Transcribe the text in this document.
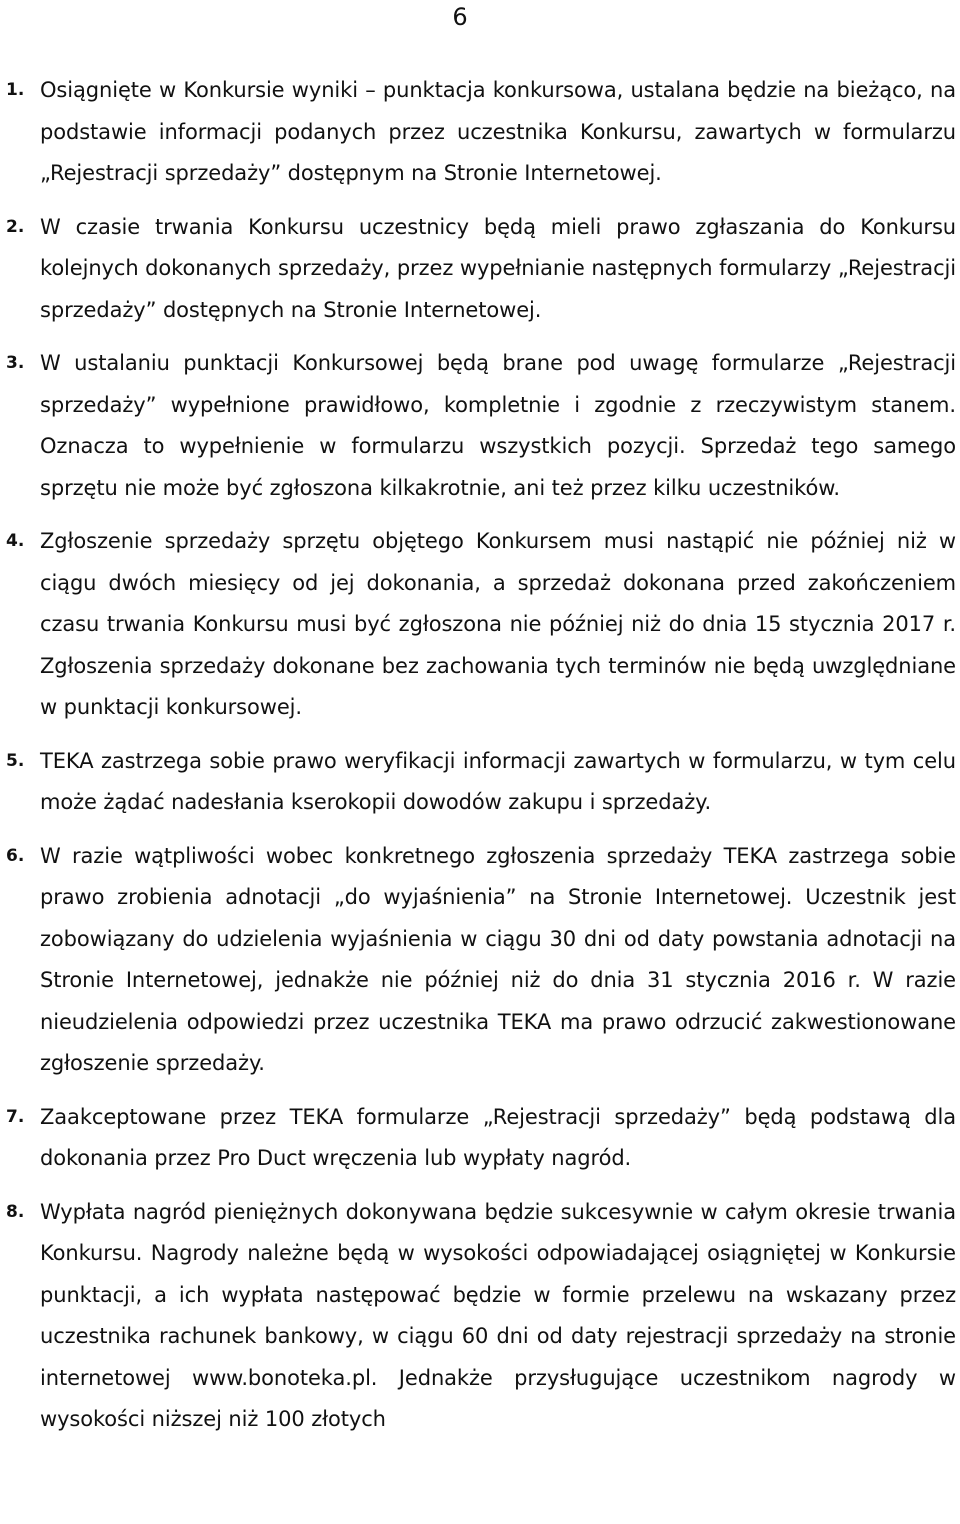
6
1. Osiągnięte w Konkursie wyniki – punktacja konkursowa, ustalana będzie na bieżąco, na podstawie informacji podanych przez uczestnika Konkursu, zawartych w formularzu „Rejestracji sprzedaży” dostępnym na Stronie Internetowej.
2. W czasie trwania Konkursu uczestnicy będą mieli prawo zgłaszania do Konkursu kolejnych dokonanych sprzedaży, przez wypełnianie następnych formularzy „Rejestracji sprzedaży” dostępnych na Stronie Internetowej.
3. W ustalaniu punktacji Konkursowej będą brane pod uwagę formularze „Rejestracji sprzedaży” wypełnione prawidłowo, kompletnie i zgodnie z rzeczywistym stanem. Oznacza to wypełnienie w formularzu wszystkich pozycji. Sprzedaż tego samego sprzętu nie może być zgłoszona kilkakrotnie, ani też przez kilku uczestników.
4. Zgłoszenie sprzedaży sprzętu objętego Konkursem musi nastąpić nie później niż w ciągu dwóch miesięcy od jej dokonania, a sprzedaż dokonana przed zakończeniem czasu trwania Konkursu musi być zgłoszona nie później niż do dnia 15 stycznia 2017 r. Zgłoszenia sprzedaży dokonane bez zachowania tych terminów nie będą uwzględniane w punktacji konkursowej.
5. TEKA zastrzega sobie prawo weryfikacji informacji zawartych w formularzu, w tym celu może żądać nadesłania kserokopii dowodów zakupu i sprzedaży.
6. W razie wątpliwości wobec konkretnego zgłoszenia sprzedaży TEKA zastrzega sobie prawo zrobienia adnotacji „do wyjaśnienia” na Stronie Internetowej. Uczestnik jest zobowiązany do udzielenia wyjaśnienia w ciągu 30 dni od daty powstania adnotacji na Stronie Internetowej, jednakże nie później niż do dnia 31 stycznia 2016 r. W razie nieudzielenia odpowiedzi przez uczestnika TEKA ma prawo odrzucić zakwestionowane zgłoszenie sprzedaży.
7. Zaakceptowane przez TEKA formularze „Rejestracji sprzedaży” będą podstawą dla dokonania przez Pro Duct wręczenia lub wypłaty nagród.
8. Wypłata nagród pieniężnych dokonywana będzie sukcesywnie w całym okresie trwania Konkursu. Nagrody należne będą w wysokości odpowiadającej osiągniętej w Konkursie punktacji, a ich wypłata następować będzie w formie przelewu na wskazany przez uczestnika rachunek bankowy, w ciągu 60 dni od daty rejestracji sprzedaży na stronie internetowej www.bonoteka.pl. Jednakże przysługujące uczestnikom nagrody w wysokości niższej niż 100 złotych
